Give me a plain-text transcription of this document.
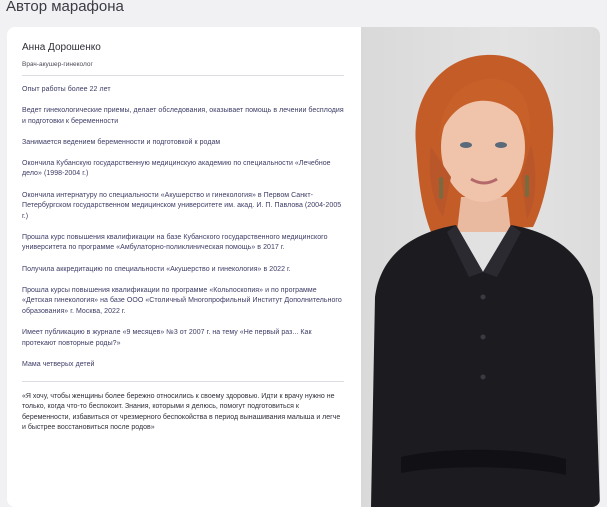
Автор марафона
Анна Дорошенко
Врач-акушер-гинеколог

Опыт работы более 22 лет

Ведет гинекологические приемы, делает обследования, оказывает помощь в лечении бесплодия и подготовки к беременности

Занимается ведением беременности и подготовкой к родам

Окончила Кубанскую государственную медицинскую академию по специальности «Лечебное дело» (1998-2004 г.)

Окончила интернатуру по специальности «Акушерство и гинекология» в Первом Санкт-Петербургском государственном медицинском университете им. акад. И. П. Павлова (2004-2005 г.)

Прошла курс повышения квалификации на базе Кубанского государственного медицинского университета по программе «Амбулаторно-поликлиническая помощь» в 2017 г.

Получила аккредитацию по специальности «Акушерство и гинекология» в 2022 г.

Прошла курсы повышения квалификации по программе «Кольпоскопия» и по программе «Детская гинекология» на базе ООО «Столичный Многопрофильный Институт Дополнительного образования» г. Москва, 2022 г.

Имеет публикацию в журнале «9 месяцев» №3 от 2007 г. на тему «Не первый раз... Как протекают повторные роды?»

Мама четверых детей

«Я хочу, чтобы женщины более бережно относились к своему здоровью. Идти к врачу нужно не только, когда что-то беспокоит. Знания, которыми я делюсь, помогут подготовиться к беременности, избавиться от чрезмерного беспокойства в период вынашивания малыша и легче и быстрее восстановиться после родов»
